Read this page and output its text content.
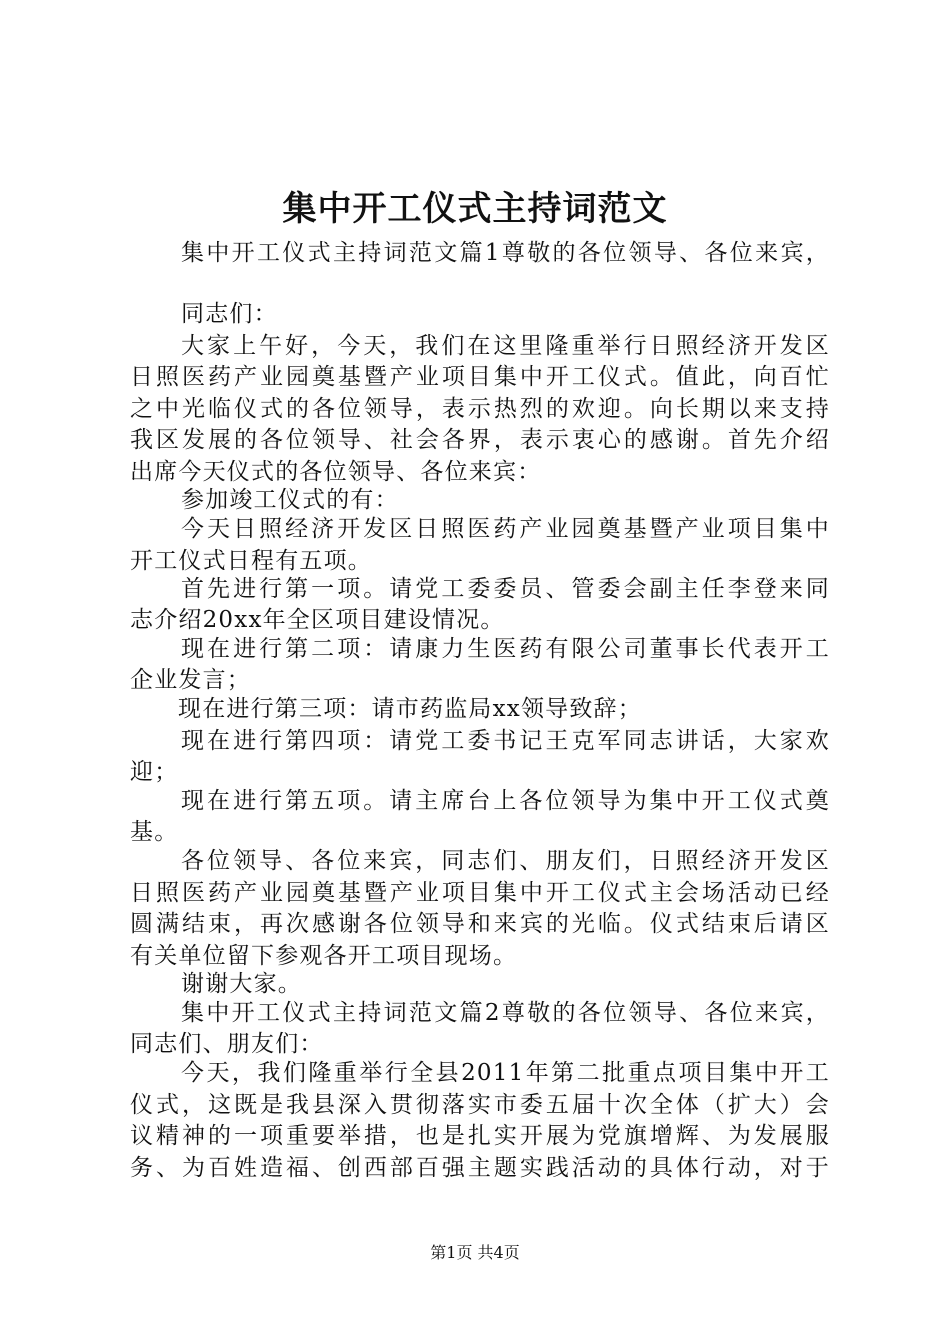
集中开工仪式主持词范文
集中开工仪式主持词范文篇1尊敬的各位领导、各位来宾，
同志们：
大家上午好，今天，我们在这里隆重举行日照经济开发区
日照医药产业园奠基暨产业项目集中开工仪式。值此，向百忙
之中光临仪式的各位领导，表示热烈的欢迎。向长期以来支持
我区发展的各位领导、社会各界，表示衷心的感谢。首先介绍
出席今天仪式的各位领导、各位来宾：
参加竣工仪式的有：
今天日照经济开发区日照医药产业园奠基暨产业项目集中
开工仪式日程有五项。
首先进行第一项。请党工委委员、管委会副主任李登来同
志介绍20xx年全区项目建设情况。
现在进行第二项：请康力生医药有限公司董事长代表开工
企业发言；
现在进行第三项：请市药监局xx领导致辞；
现在进行第四项：请党工委书记王克军同志讲话，大家欢
迎；
现在进行第五项。请主席台上各位领导为集中开工仪式奠
基。
各位领导、各位来宾，同志们、朋友们，日照经济开发区
日照医药产业园奠基暨产业项目集中开工仪式主会场活动已经
圆满结束，再次感谢各位领导和来宾的光临。仪式结束后请区
有关单位留下参观各开工项目现场。
谢谢大家。
集中开工仪式主持词范文篇2尊敬的各位领导、各位来宾，
同志们、朋友们：
今天，我们隆重举行全县2011年第二批重点项目集中开工
仪式，这既是我县深入贯彻落实市委五届十次全体（扩大）会
议精神的一项重要举措，也是扎实开展为党旗增辉、为发展服
务、为百姓造福、创西部百强主题实践活动的具体行动，对于
第1页 共4页
